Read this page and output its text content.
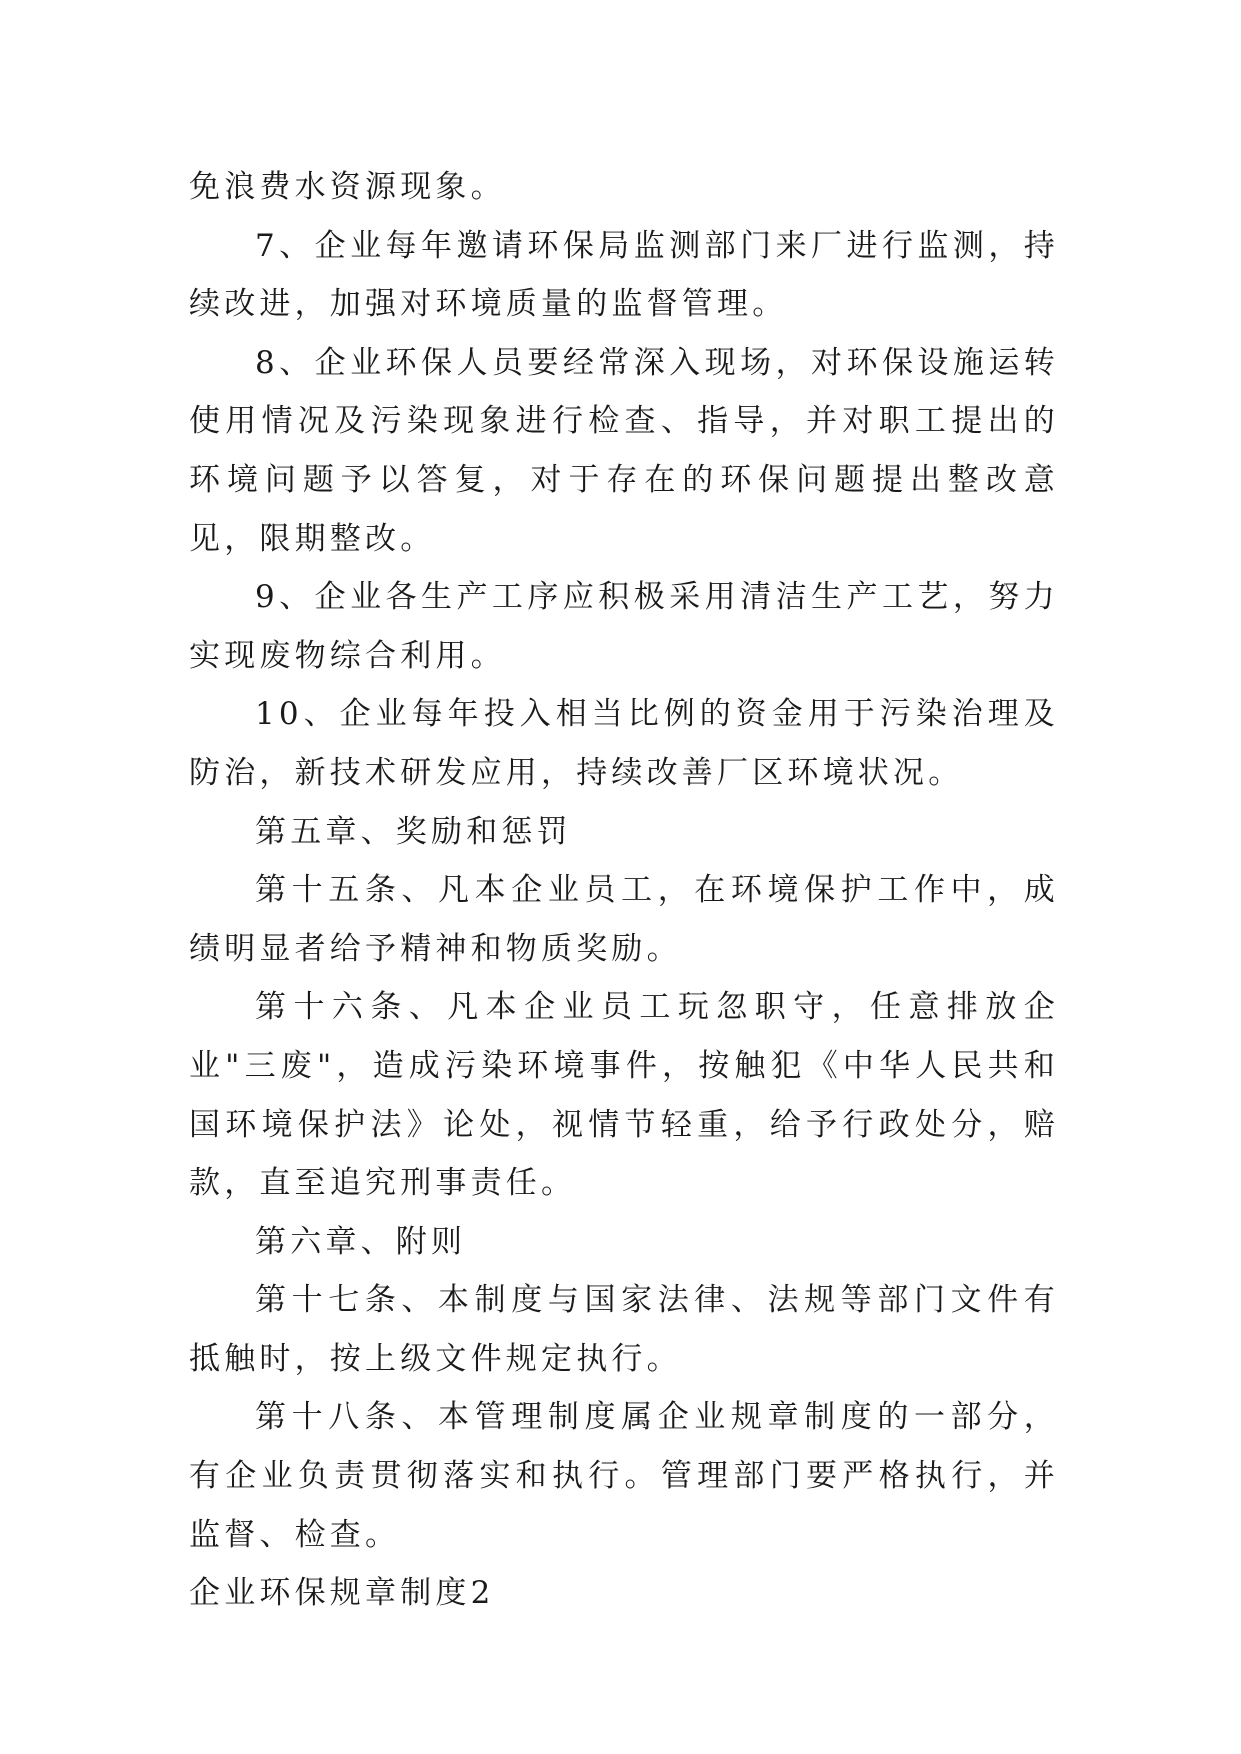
免浪费水资源现象。

7、企业每年邀请环保局监测部门来厂进行监测，持续改进，加强对环境质量的监督管理。

8、企业环保人员要经常深入现场，对环保设施运转使用情况及污染现象进行检查、指导，并对职工提出的环境问题予以答复，对于存在的环保问题提出整改意见，限期整改。

9、企业各生产工序应积极采用清洁生产工艺，努力实现废物综合利用。

10、企业每年投入相当比例的资金用于污染治理及防治，新技术研发应用，持续改善厂区环境状况。

第五章、奖励和惩罚

第十五条、凡本企业员工，在环境保护工作中，成绩明显者给予精神和物质奖励。

第十六条、凡本企业员工玩忽职守，任意排放企业"三废"，造成污染环境事件，按触犯《中华人民共和国环境保护法》论处，视情节轻重，给予行政处分，赔款，直至追究刑事责任。

第六章、附则

第十七条、本制度与国家法律、法规等部门文件有抵触时，按上级文件规定执行。

第十八条、本管理制度属企业规章制度的一部分，有企业负责贯彻落实和执行。管理部门要严格执行，并监督、检查。

企业环保规章制度2
